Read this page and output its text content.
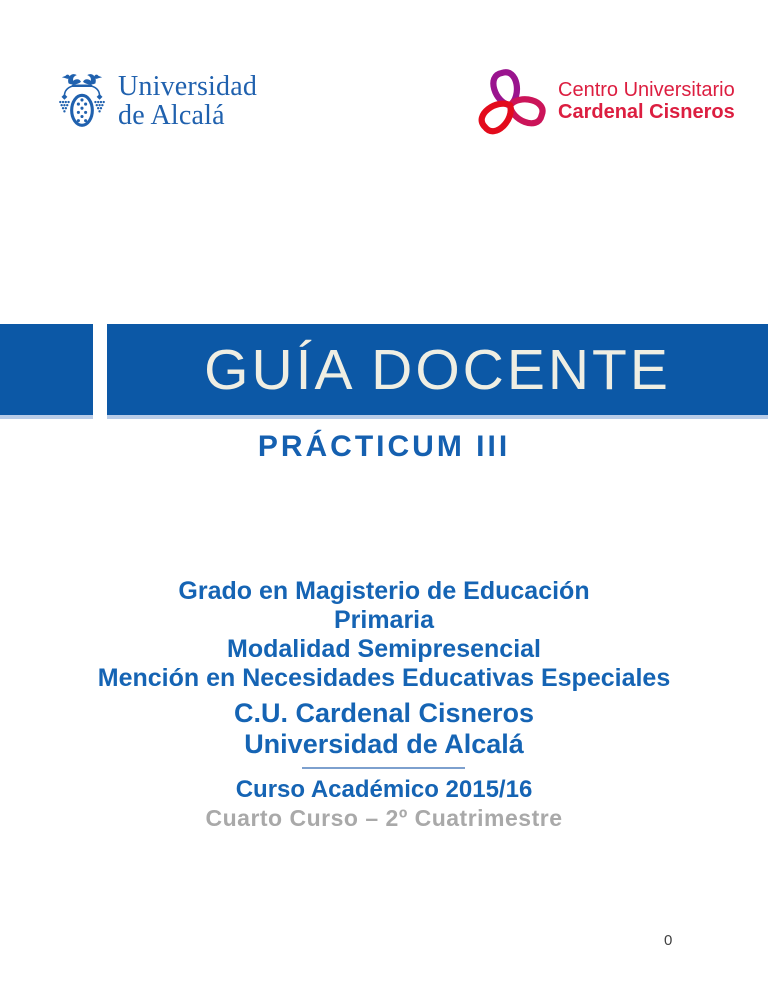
Universidad
de Alcalá
Centro Universitario
Cardenal Cisneros
GUÍA DOCENTE
PRÁCTICUM III
Grado en Magisterio de Educación
Primaria
Modalidad Semipresencial
Mención en Necesidades Educativas Especiales
C.U. Cardenal Cisneros
Universidad de Alcalá
Curso Académico 2015/16
Cuarto Curso – 2º Cuatrimestre
0
